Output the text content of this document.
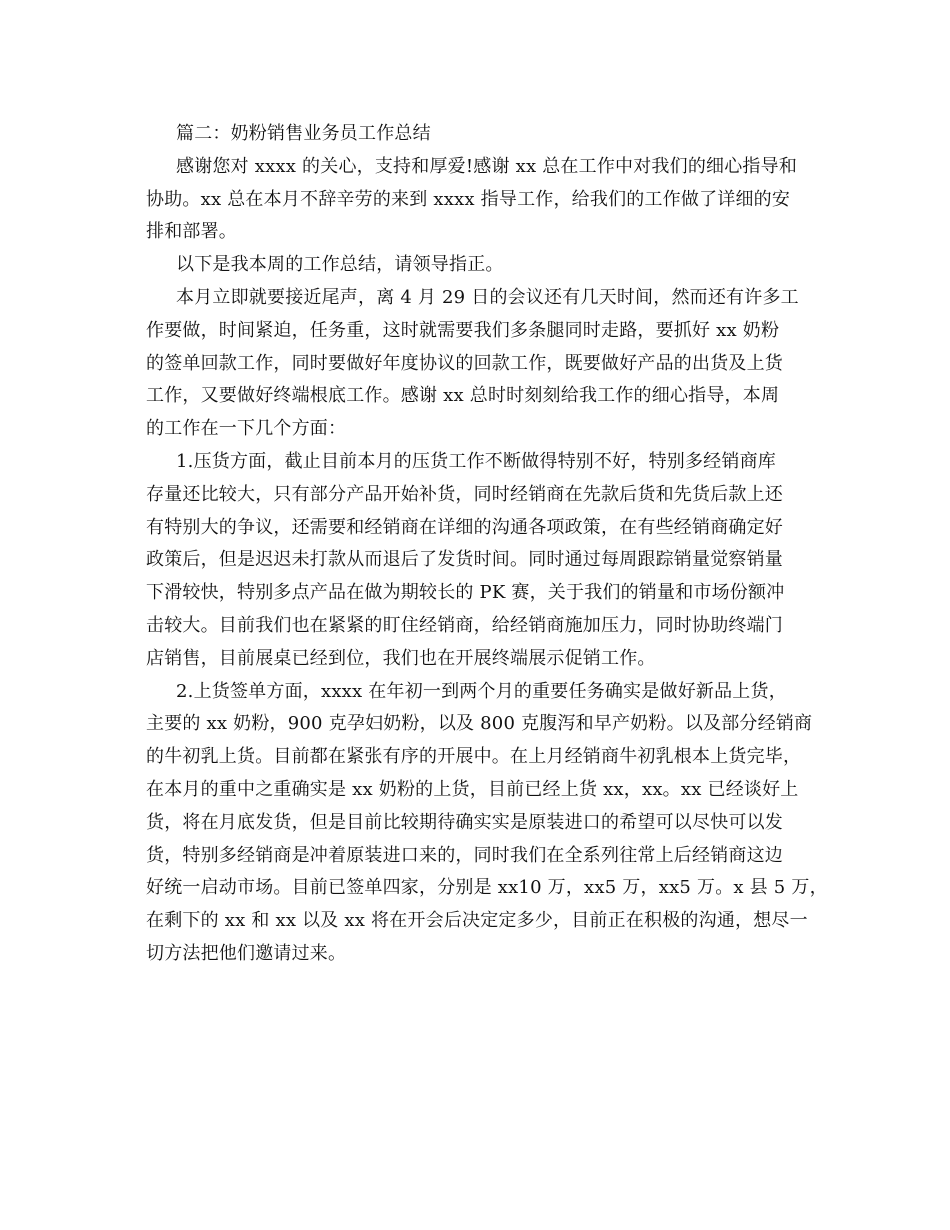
篇二：奶粉销售业务员工作总结
感谢您对 xxxx 的关心，支持和厚爱!感谢 xx 总在工作中对我们的细心指导和
协助。xx 总在本月不辞辛劳的来到 xxxx 指导工作，给我们的工作做了详细的安
排和部署。
以下是我本周的工作总结，请领导指正。
本月立即就要接近尾声，离 4 月 29 日的会议还有几天时间，然而还有许多工
作要做，时间紧迫，任务重，这时就需要我们多条腿同时走路，要抓好 xx 奶粉
的签单回款工作，同时要做好年度协议的回款工作，既要做好产品的出货及上货
工作，又要做好终端根底工作。感谢 xx 总时时刻刻给我工作的细心指导，本周
的工作在一下几个方面：
1.压货方面，截止目前本月的压货工作不断做得特别不好，特别多经销商库
存量还比较大，只有部分产品开始补货，同时经销商在先款后货和先货后款上还
有特别大的争议，还需要和经销商在详细的沟通各项政策，在有些经销商确定好
政策后，但是迟迟未打款从而退后了发货时间。同时通过每周跟踪销量觉察销量
下滑较快，特别多点产品在做为期较长的 PK 赛，关于我们的销量和市场份额冲
击较大。目前我们也在紧紧的盯住经销商，给经销商施加压力，同时协助终端门
店销售，目前展桌已经到位，我们也在开展终端展示促销工作。
2.上货签单方面，xxxx 在年初一到两个月的重要任务确实是做好新品上货，
主要的 xx 奶粉，900 克孕妇奶粉，以及 800 克腹泻和早产奶粉。以及部分经销商
的牛初乳上货。目前都在紧张有序的开展中。在上月经销商牛初乳根本上货完毕，
在本月的重中之重确实是 xx 奶粉的上货，目前已经上货 xx，xx。xx 已经谈好上
货，将在月底发货，但是目前比较期待确实实是原装进口的希望可以尽快可以发
货，特别多经销商是冲着原装进口来的，同时我们在全系列往常上后经销商这边
好统一启动市场。目前已签单四家，分别是 xx10 万，xx5 万，xx5 万。x 县 5 万，
在剩下的 xx 和 xx 以及 xx 将在开会后决定定多少，目前正在积极的沟通，想尽一
切方法把他们邀请过来。
